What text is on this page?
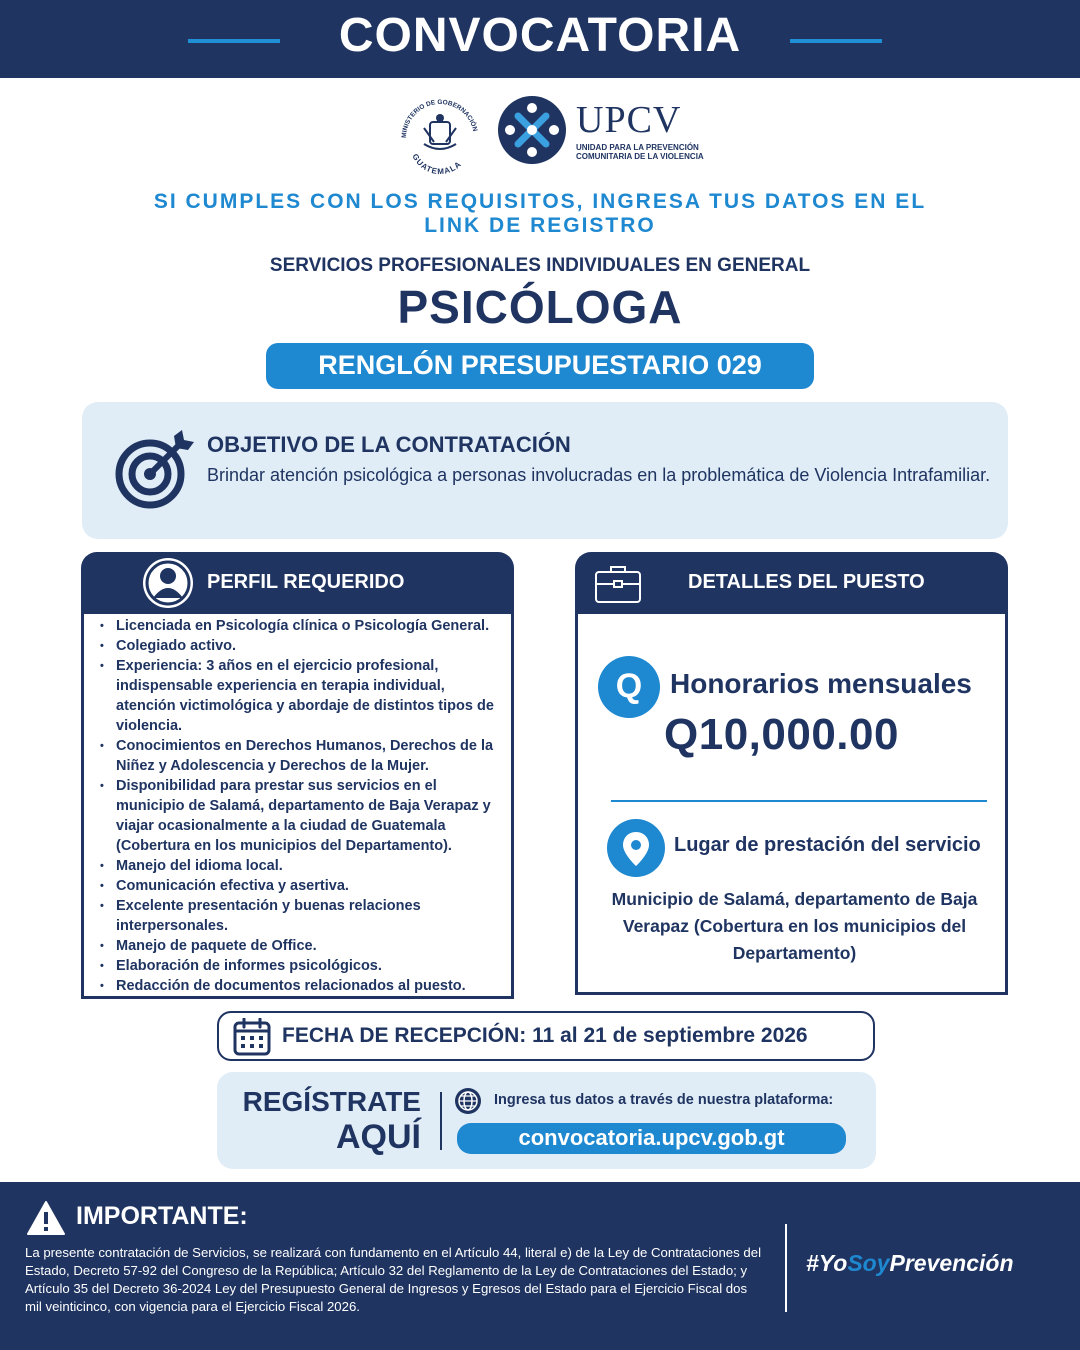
CONVOCATORIA
MINISTERIO DE GOBERNACIÓN
GUATEMALA
UPCV
UNIDAD PARA LA PREVENCIÓN COMUNITARIA DE LA VIOLENCIA
SI CUMPLES CON LOS REQUISITOS, INGRESA TUS DATOS EN EL LINK DE REGISTRO
SERVICIOS PROFESIONALES INDIVIDUALES EN GENERAL
PSICÓLOGA
RENGLÓN PRESUPUESTARIO 029
OBJETIVO DE LA CONTRATACIÓN
Brindar atención psicológica a personas involucradas en la problemática de Violencia Intrafamiliar.
PERFIL REQUERIDO
• Licenciada en Psicología clínica o Psicología General.
• Colegiado activo.
• Experiencia: 3 años en el ejercicio profesional, indispensable experiencia en terapia individual, atención victimológica y abordaje de distintos tipos de violencia.
• Conocimientos en Derechos Humanos, Derechos de la Niñez y Adolescencia y Derechos de la Mujer.
• Disponibilidad para prestar sus servicios en el municipio de Salamá, departamento de Baja Verapaz y viajar ocasionalmente a la ciudad de Guatemala (Cobertura en los municipios del Departamento).
• Manejo del idioma local.
• Comunicación efectiva y asertiva.
• Excelente presentación y buenas relaciones interpersonales.
• Manejo de paquete de Office.
• Elaboración de informes psicológicos.
• Redacción de documentos relacionados al puesto.
DETALLES DEL PUESTO
Q Honorarios mensuales
Q10,000.00
Lugar de prestación del servicio
Municipio de Salamá, departamento de Baja Verapaz (Cobertura en los municipios del Departamento)
FECHA DE RECEPCIÓN: 11 al 21 de septiembre 2026
REGÍSTRATE
AQUÍ
Ingresa tus datos a través de nuestra plataforma:
convocatoria.upcv.gob.gt
IMPORTANTE:
La presente contratación de Servicios, se realizará con fundamento en el Artículo 44, literal e) de la Ley de Contrataciones del Estado, Decreto 57-92 del Congreso de la República; Artículo 32 del Reglamento de la Ley de Contrataciones del Estado; y Artículo 35 del Decreto 36-2024 Ley del Presupuesto General de Ingresos y Egresos del Estado para el Ejercicio Fiscal dos mil veinticinco, con vigencia para el Ejercicio Fiscal 2026.
#YoSoyPrevención
